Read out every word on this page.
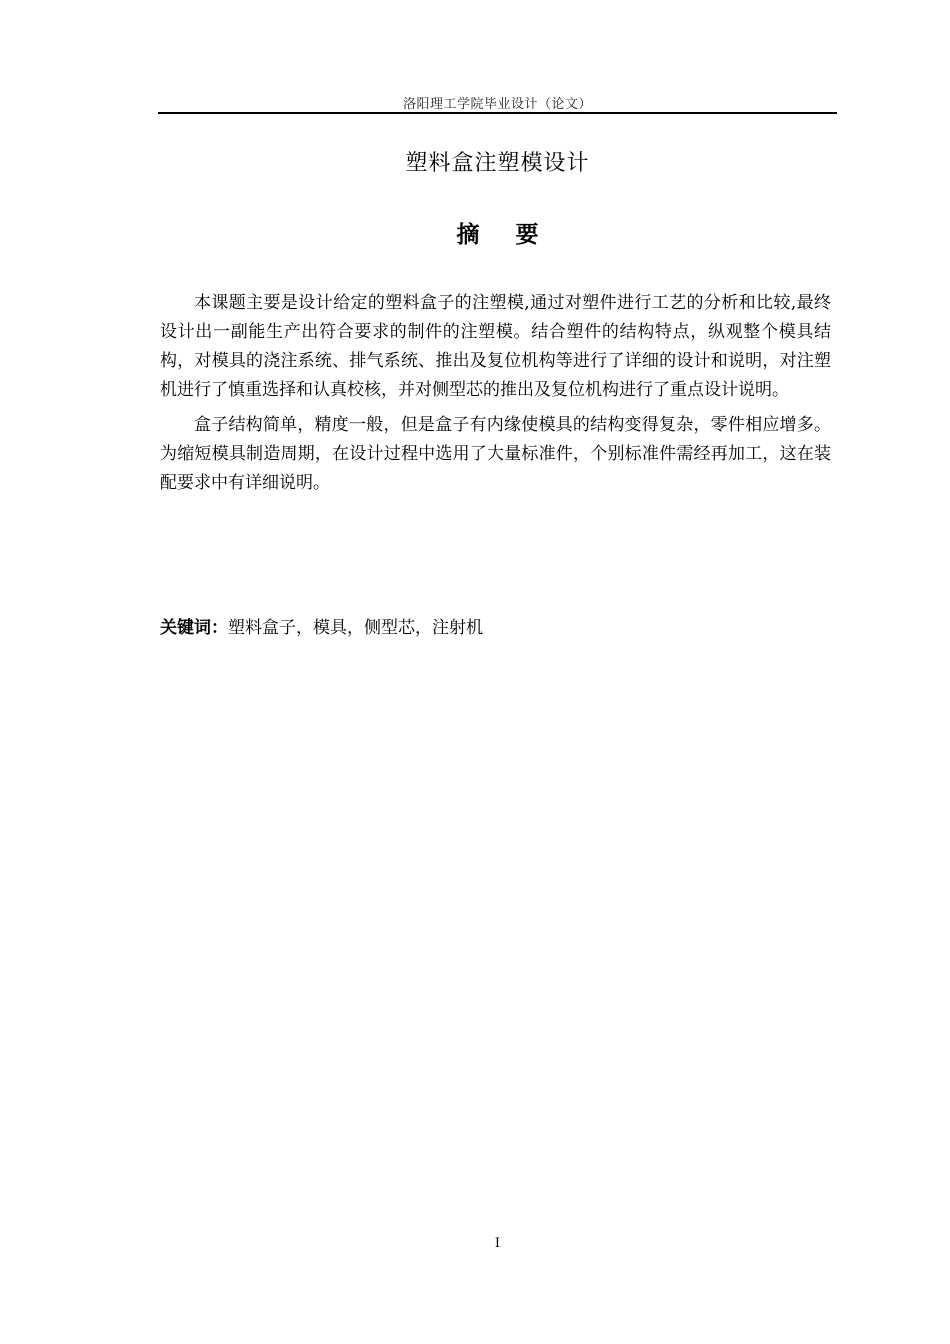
洛阳理工学院毕业设计（论文）
塑料盒注塑模设计
摘 要

本课题主要是设计给定的塑料盒子的注塑模,通过对塑件进行工艺的分析和比较,最终设计出一副能生产出符合要求的制件的注塑模。结合塑件的结构特点，纵观整个模具结构，对模具的浇注系统、排气系统、推出及复位机构等进行了详细的设计和说明，对注塑机进行了慎重选择和认真校核，并对侧型芯的推出及复位机构进行了重点设计说明。

盒子结构简单，精度一般，但是盒子有内缘使模具的结构变得复杂，零件相应增多。为缩短模具制造周期，在设计过程中选用了大量标准件，个别标准件需经再加工，这在装配要求中有详细说明。

关键词：塑料盒子，模具，侧型芯，注射机
I
